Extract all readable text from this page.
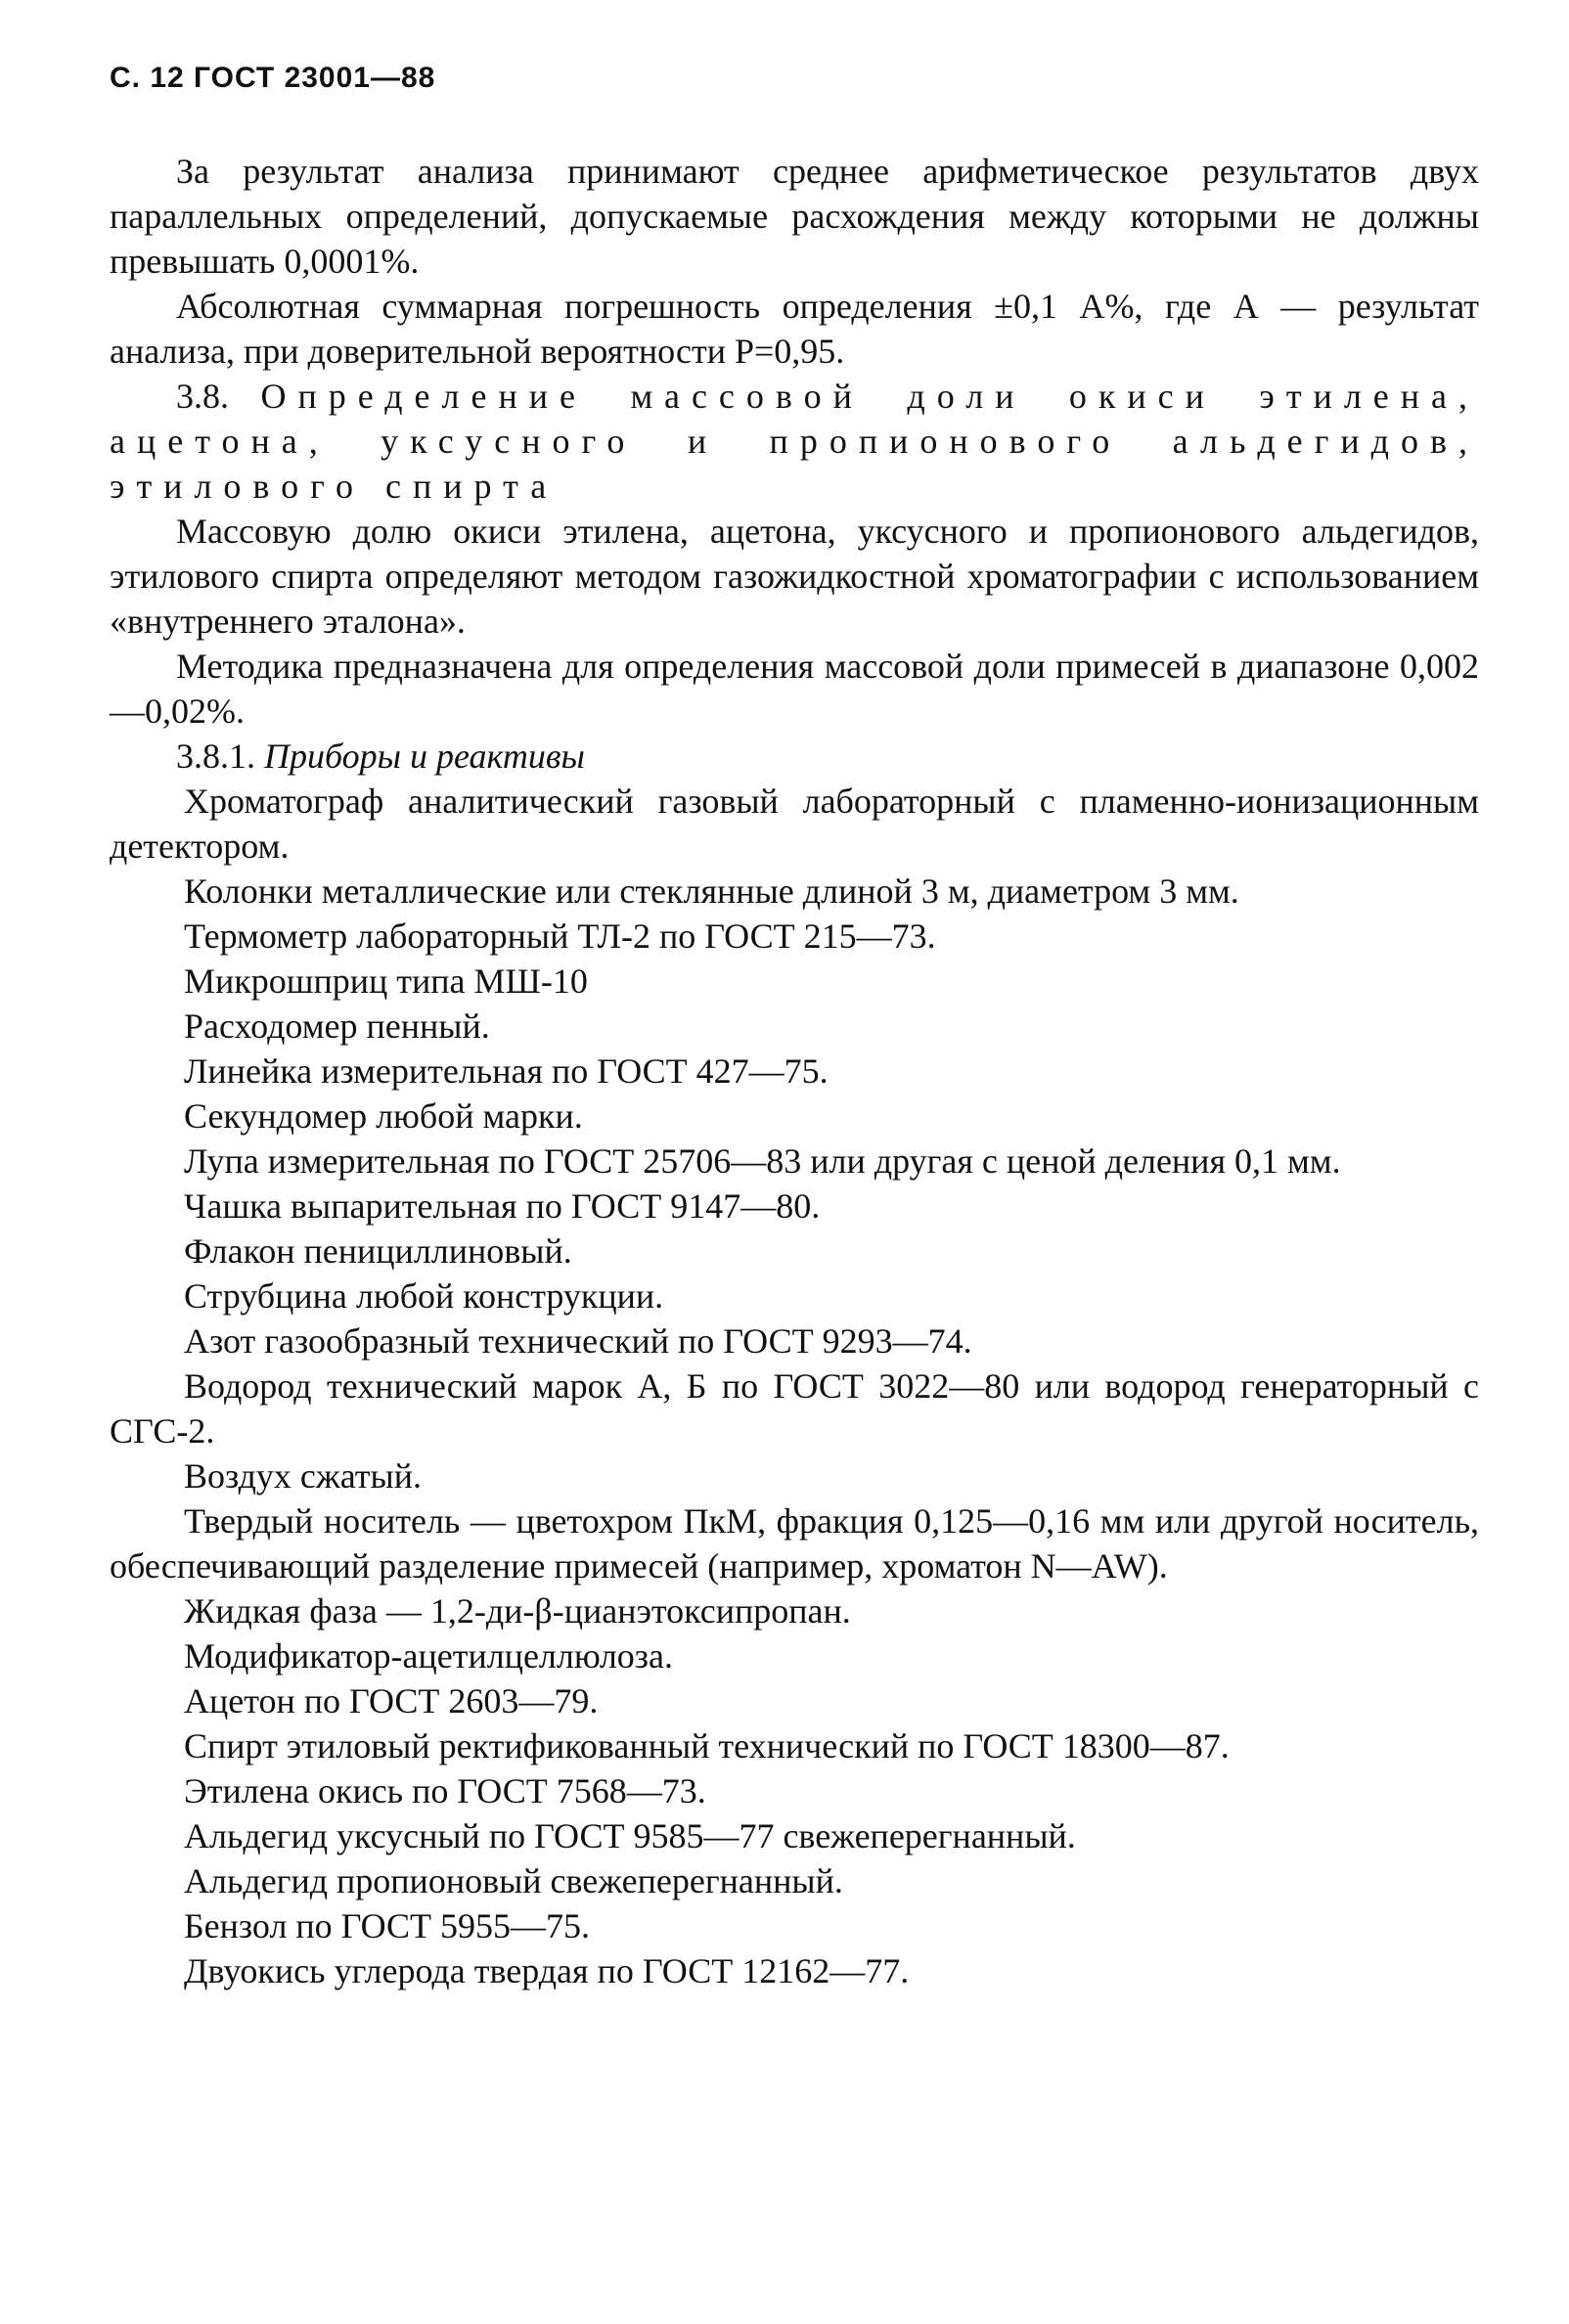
С. 12 ГОСТ 23001—88

За результат анализа принимают среднее арифметическое результатов двух параллельных определений, допускаемые расхождения между которыми не должны превышать 0,0001%.

Абсолютная суммарная погрешность определения ±0,1 А%, где А — результат анализа, при доверительной вероятности Р=0,95.

3.8. Определение массовой доли окиси этилена, ацетона, уксусного и пропионового альдегидов, этилового спирта

Массовую долю окиси этилена, ацетона, уксусного и пропионового альдегидов, этилового спирта определяют методом газожидкостной хроматографии с использованием «внутреннего эталона».

Методика предназначена для определения массовой доли примесей в диапазоне 0,002—0,02%.

3.8.1. Приборы и реактивы

Хроматограф аналитический газовый лабораторный с пламенно-ионизационным детектором.

Колонки металлические или стеклянные длиной 3 м, диаметром 3 мм.

Термометр лабораторный ТЛ-2 по ГОСТ 215—73.

Микрошприц типа МШ-10

Расходомер пенный.

Линейка измерительная по ГОСТ 427—75.

Секундомер любой марки.

Лупа измерительная по ГОСТ 25706—83 или другая с ценой деления 0,1 мм.

Чашка выпарительная по ГОСТ 9147—80.

Флакон пенициллиновый.

Струбцина любой конструкции.

Азот газообразный технический по ГОСТ 9293—74.

Водород технический марок А, Б по ГОСТ 3022—80 или водород генераторный с СГС-2.

Воздух сжатый.

Твердый носитель — цветохром ПкМ, фракция 0,125—0,16 мм или другой носитель, обеспечивающий разделение примесей (например, хроматон N—AW).

Жидкая фаза — 1,2-ди-β-цианэтоксипропан.

Модификатор-ацетилцеллюлоза.

Ацетон по ГОСТ 2603—79.

Спирт этиловый ректификованный технический по ГОСТ 18300—87.

Этилена окись по ГОСТ 7568—73.

Альдегид уксусный по ГОСТ 9585—77 свежеперегнанный.

Альдегид пропионовый свежеперегнанный.

Бензол по ГОСТ 5955—75.

Двуокись углерода твердая по ГОСТ 12162—77.
